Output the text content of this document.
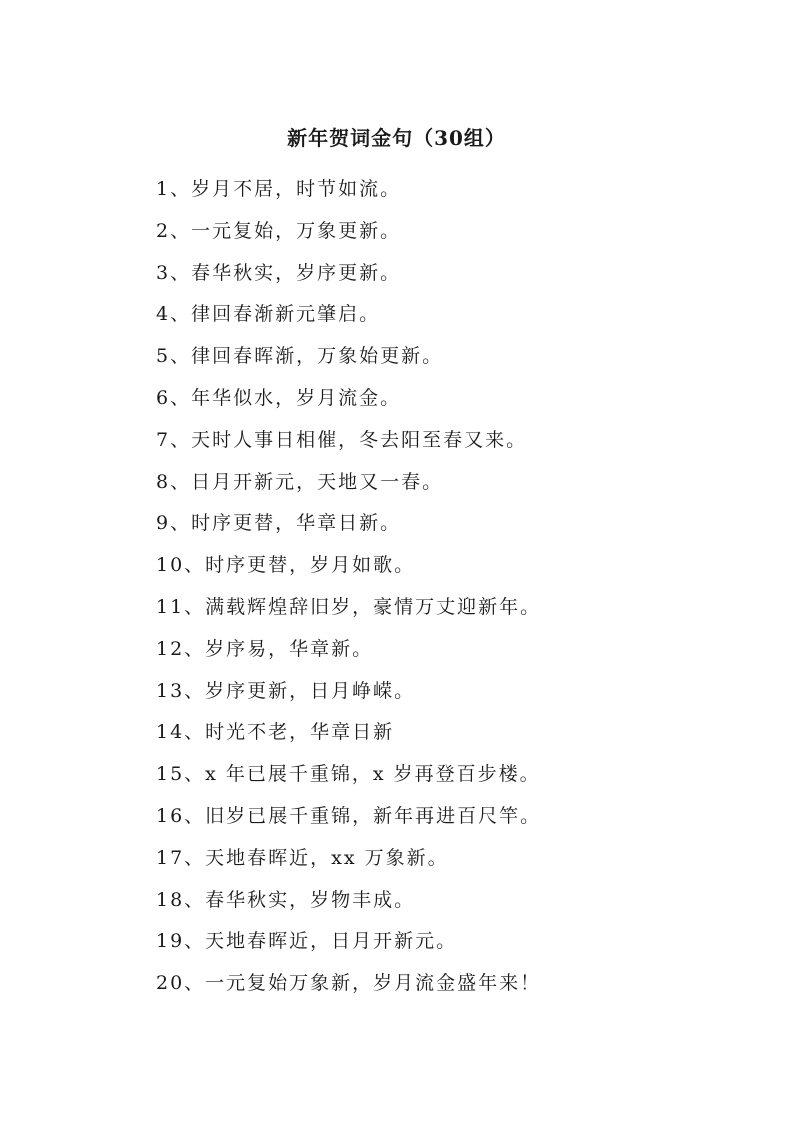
新年贺词金句（30组）
1、岁月不居，时节如流。
2、一元复始，万象更新。
3、春华秋实，岁序更新。
4、律回春渐新元肇启。
5、律回春晖渐，万象始更新。
6、年华似水，岁月流金。
7、天时人事日相催，冬去阳至春又来。
8、日月开新元，天地又一春。
9、时序更替，华章日新。
10、时序更替，岁月如歌。
11、满载辉煌辞旧岁，豪情万丈迎新年。
12、岁序易，华章新。
13、岁序更新，日月峥嵘。
14、时光不老，华章日新
15、x 年已展千重锦，x 岁再登百步楼。
16、旧岁已展千重锦，新年再进百尺竿。
17、天地春晖近，xx 万象新。
18、春华秋实，岁物丰成。
19、天地春晖近，日月开新元。
20、一元复始万象新，岁月流金盛年来！
